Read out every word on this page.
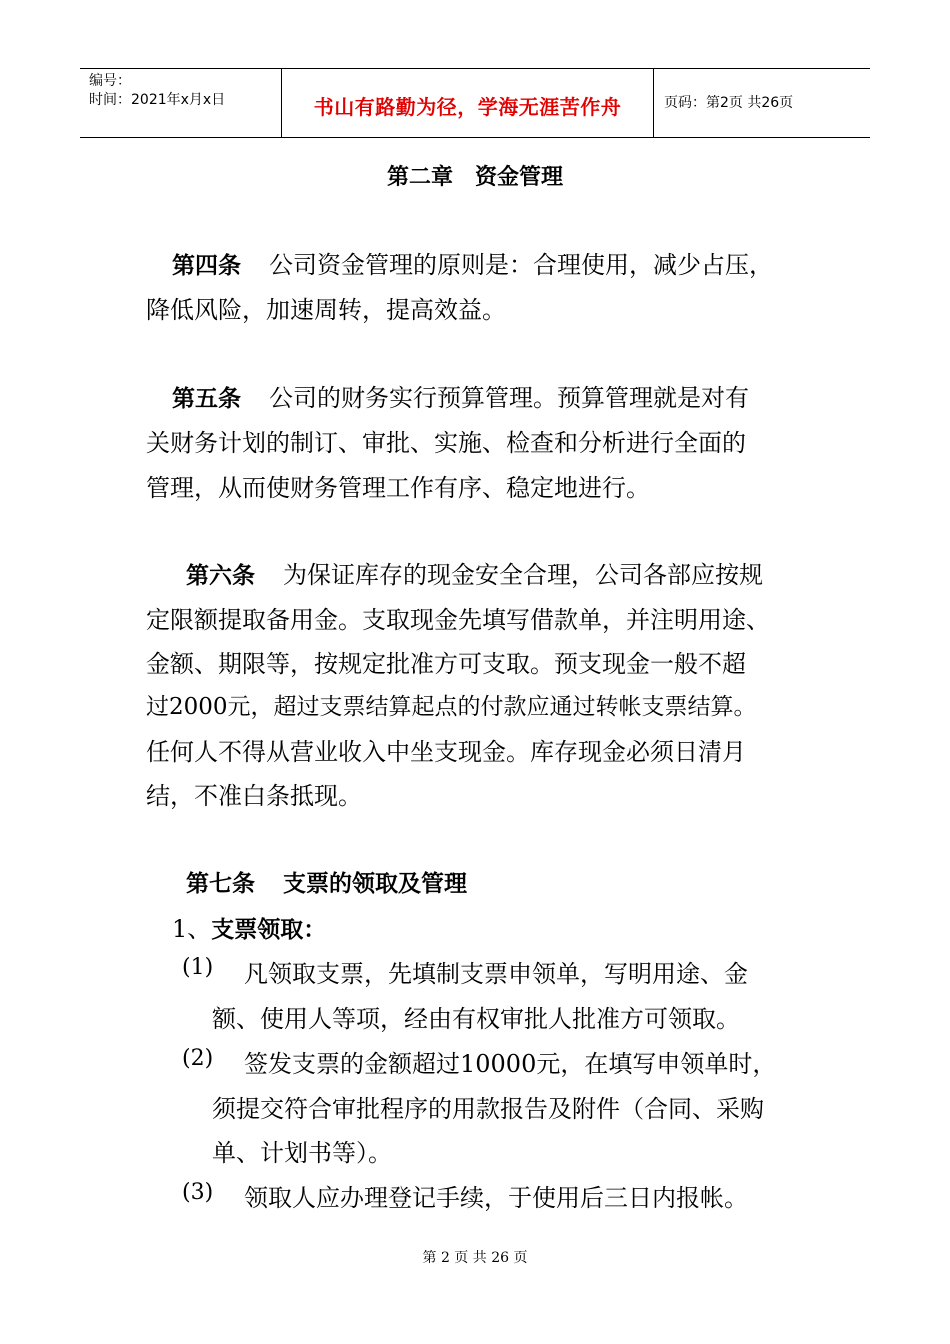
编号：
时间：2021年x月x日	书山有路勤为径，学海无涯苦作舟	页码：第2页 共26页
第二章　资金管理
第四条 公司资金管理的原则是：合理使用，减少占压，
降低风险，加速周转，提高效益。
第五条 公司的财务实行预算管理。预算管理就是对有
关财务计划的制订、审批、实施、检查和分析进行全面的
管理，从而使财务管理工作有序、稳定地进行。
第六条 为保证库存的现金安全合理，公司各部应按规
定限额提取备用金。支取现金先填写借款单，并注明用途、
金额、期限等，按规定批准方可支取。预支现金一般不超
过2000元，超过支票结算起点的付款应通过转帐支票结算。
任何人不得从营业收入中坐支现金。库存现金必须日清月
结，不准白条抵现。
第七条 支票的领取及管理
1、支票领取：
(1) 凡领取支票，先填制支票申领单，写明用途、金
额、使用人等项，经由有权审批人批准方可领取。
(2) 签发支票的金额超过10000元，在填写申领单时，
须提交符合审批程序的用款报告及附件（合同、采购
单、计划书等）。
(3) 领取人应办理登记手续，于使用后三日内报帐。
第 2 页 共 26 页
